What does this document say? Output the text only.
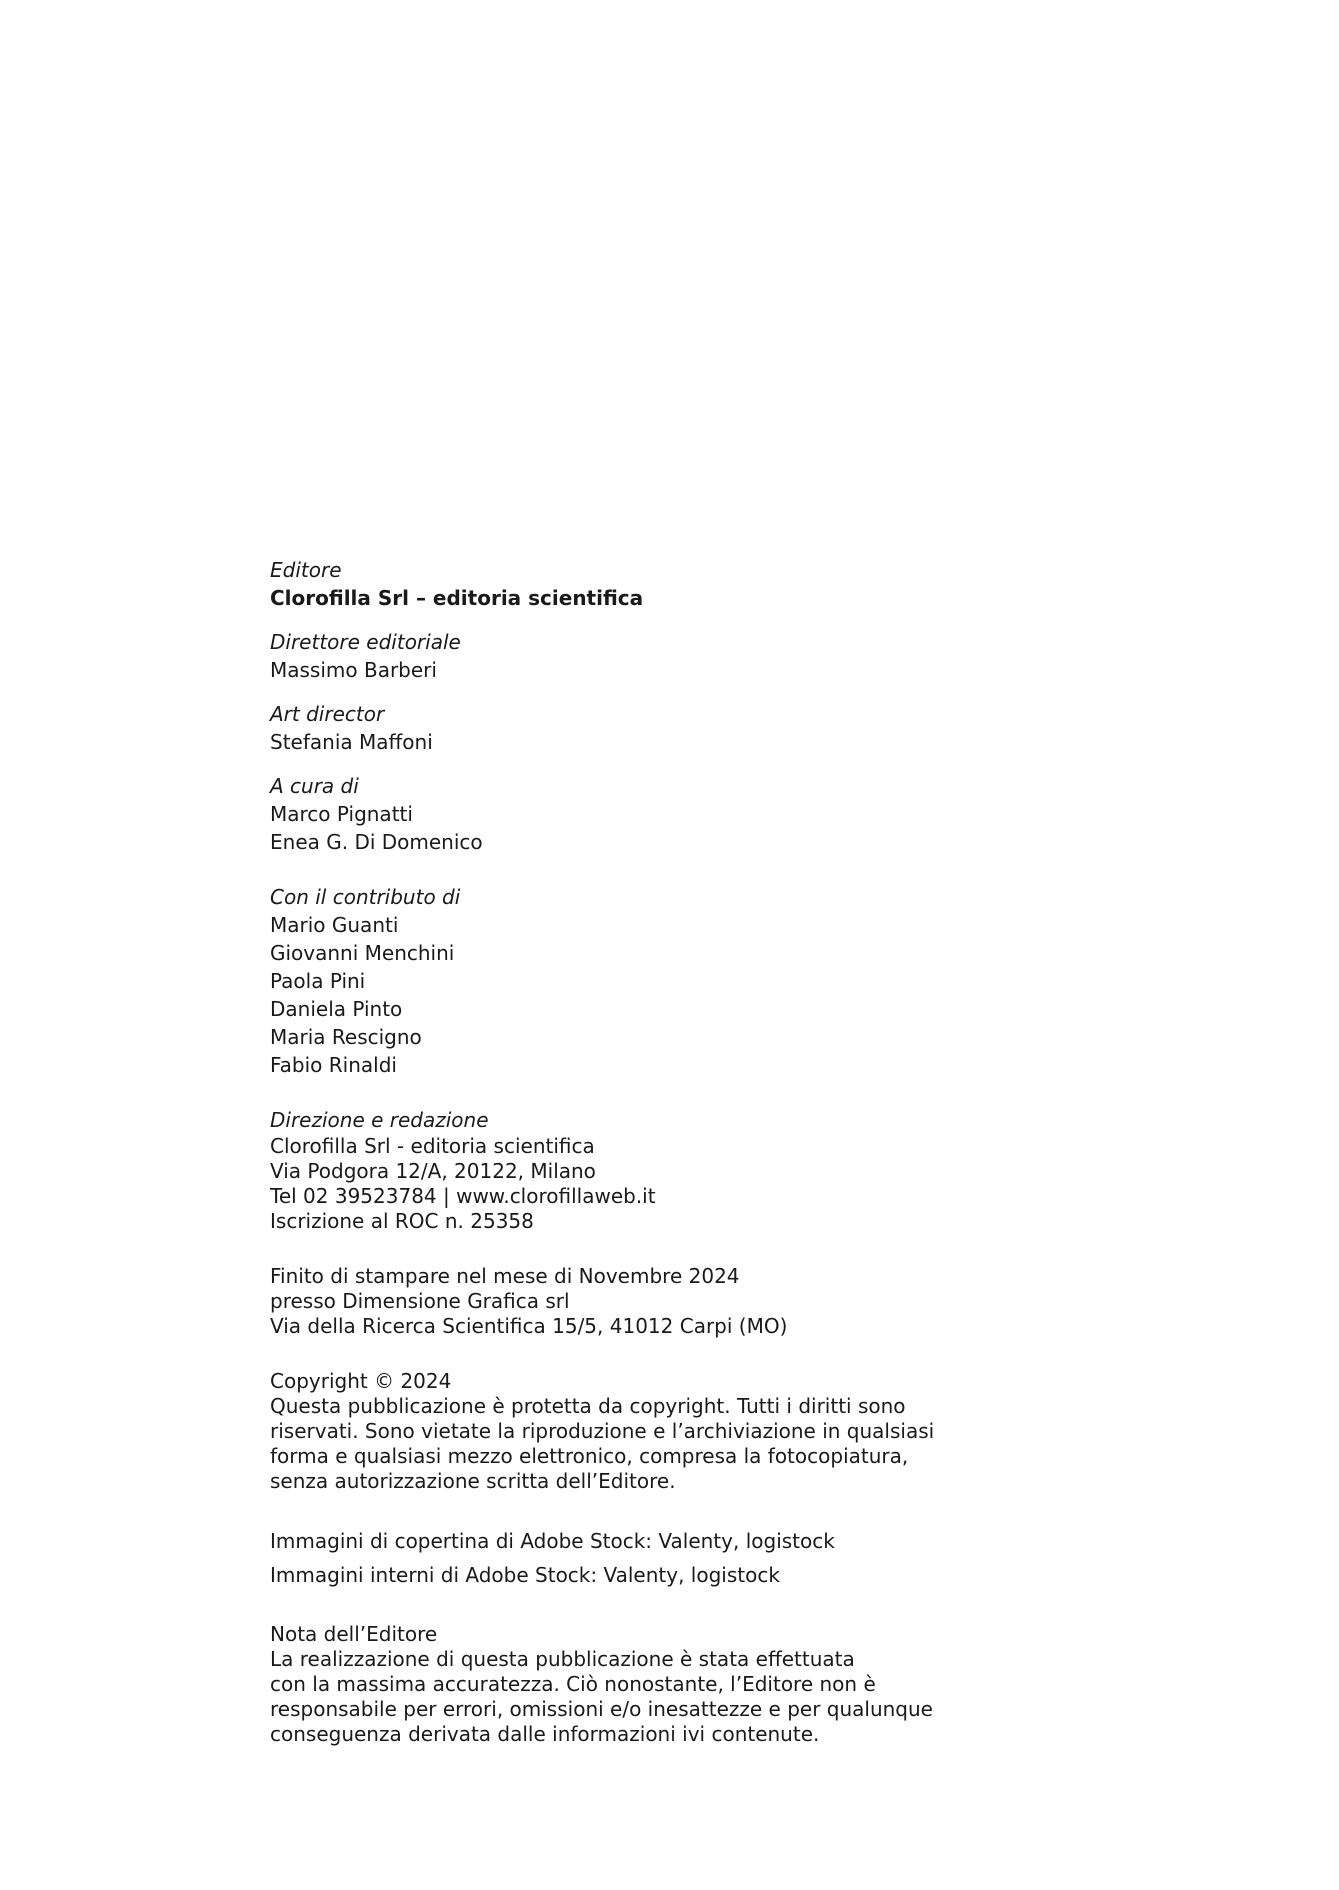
Editore
Clorofilla Srl – editoria scientifica
Direttore editoriale
Massimo Barberi
Art director
Stefania Maffoni
A cura di
Marco Pignatti
Enea G. Di Domenico
Con il contributo di
Mario Guanti
Giovanni Menchini
Paola Pini
Daniela Pinto
Maria Rescigno
Fabio Rinaldi
Direzione e redazione
Clorofilla Srl - editoria scientifica
Via Podgora 12/A, 20122, Milano
Tel 02 39523784 | www.clorofillaweb.it
Iscrizione al ROC n. 25358
Finito di stampare nel mese di Novembre 2024
presso Dimensione Grafica srl
Via della Ricerca Scientifica 15/5, 41012 Carpi (MO)
Copyright © 2024
Questa pubblicazione è protetta da copyright. Tutti i diritti sono
riservati. Sono vietate la riproduzione e l’archiviazione in qualsiasi
forma e qualsiasi mezzo elettronico, compresa la fotocopiatura,
senza autorizzazione scritta dell’Editore.
Immagini di copertina di Adobe Stock: Valenty, logistock
Immagini interni di Adobe Stock: Valenty, logistock
Nota dell’Editore
La realizzazione di questa pubblicazione è stata effettuata
con la massima accuratezza. Ciò nonostante, l’Editore non è
responsabile per errori, omissioni e/o inesattezze e per qualunque
conseguenza derivata dalle informazioni ivi contenute.
